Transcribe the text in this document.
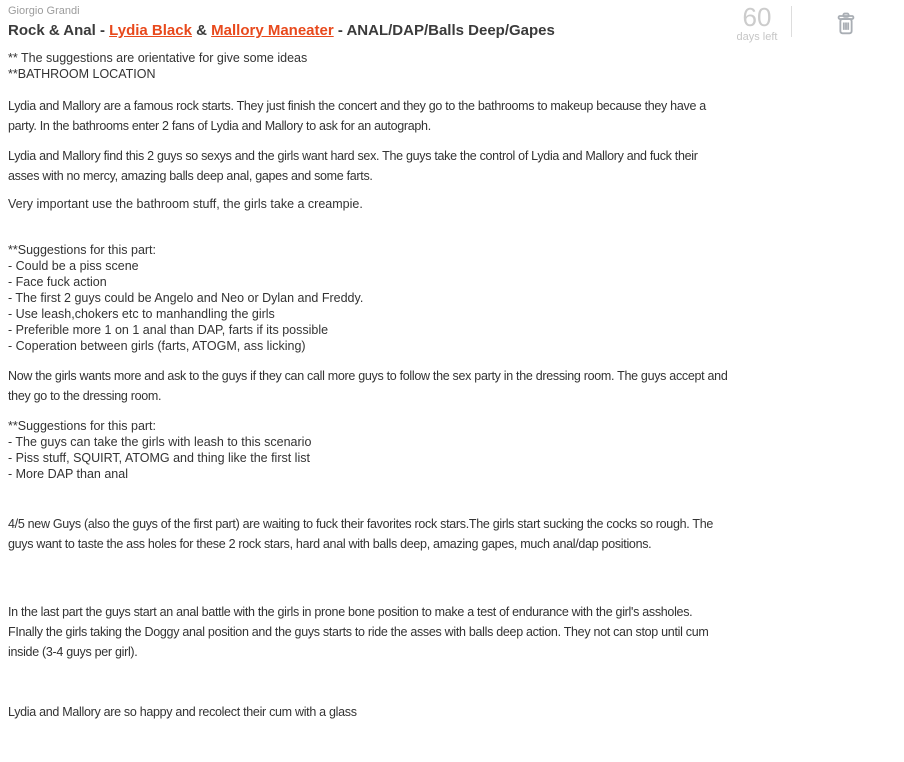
Giorgio Grandi
Rock & Anal - Lydia Black & Mallory Maneater - ANAL/DAP/Balls Deep/Gapes	60
days left
** The suggestions are orientative for give some ideas
**BATHROOM LOCATION
Lydia and Mallory are a famous rock starts. They just finish the concert and they go to the bathrooms to makeup because they have a party. In the bathrooms enter 2 fans of Lydia and Mallory to ask for an autograph.
Lydia and Mallory find this 2 guys so sexys and the girls want hard sex. The guys take the control of Lydia and Mallory and fuck their asses with no mercy, amazing balls deep anal, gapes and some farts.
Very important use the bathroom stuff, the girls take a creampie.
**Suggestions for this part:
- Could be a piss scene
- Face fuck action
- The first 2 guys could be Angelo and Neo or Dylan and Freddy.
- Use leash,chokers etc to manhandling the girls
- Preferible more 1 on 1 anal than DAP, farts if its possible
- Coperation between girls (farts, ATOGM, ass licking)
Now the girls wants more and ask to the guys if they can call more guys to follow the sex party in the dressing room. The guys accept and they go to the dressing room.
**Suggestions for this part:
- The guys can take the girls with leash to this scenario
- Piss stuff, SQUIRT, ATOMG and thing like the first list
- More DAP than anal
4/5 new Guys (also the guys of the first part) are waiting to fuck their favorites rock stars.The girls start sucking the cocks so rough. The guys want to taste the ass holes for these 2 rock stars, hard anal with balls deep, amazing gapes, much anal/dap positions.

In the last part the guys start an anal battle with the girls in prone bone position to make a test of endurance with the girl's assholes. FInally the girls taking the Doggy anal position and the guys starts to ride the asses with balls deep action. They not can stop until cum inside (3-4 guys per girl).

Lydia and Mallory are so happy and recolect their cum with a glass
